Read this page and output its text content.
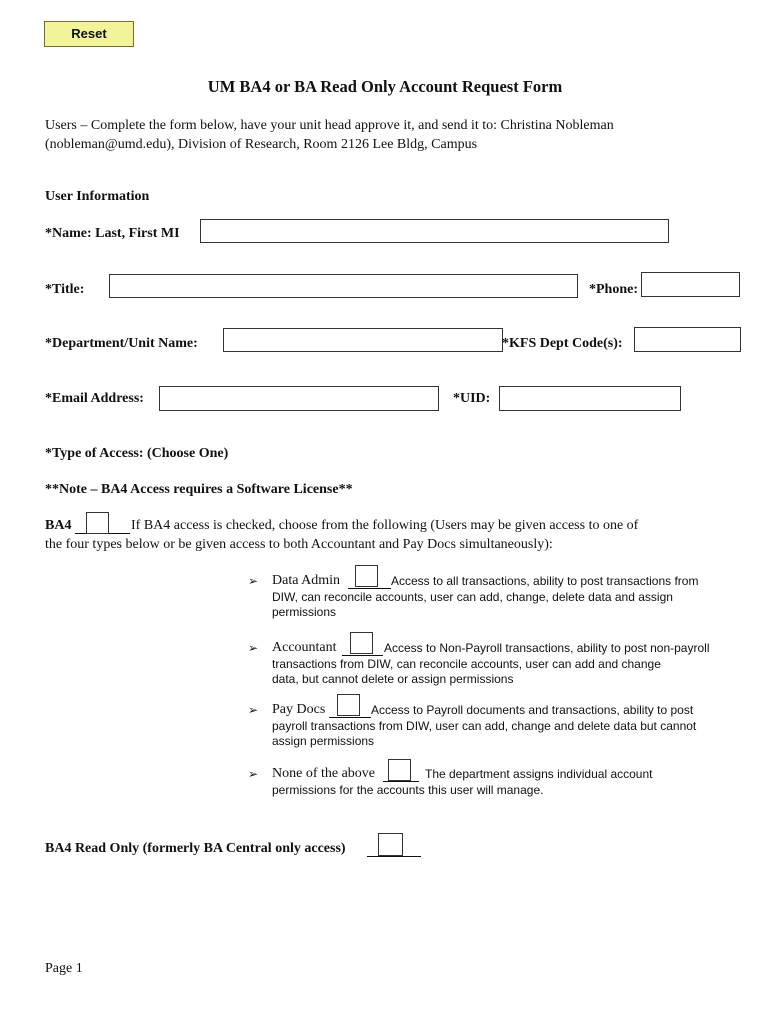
Reset
UM BA4 or BA Read Only Account Request Form
Users – Complete the form below, have your unit head approve it, and send it to: Christina Nobleman (nobleman@umd.edu), Division of Research, Room 2126 Lee Bldg, Campus
User Information
*Name: Last, First MI
*Title:	*Phone:
*Department/Unit Name:	*KFS Dept Code(s):
*Email Address:	*UID:
*Type of Access: (Choose One)
**Note – BA4 Access requires a Software License**
BA4	If BA4 access is checked, choose from the following (Users may be given access to one of
the four types below or be given access to both Accountant and Pay Docs simultaneously):
➢ Data Admin	Access to all transactions, ability to post transactions from
DIW, can reconcile accounts, user can add, change, delete data and assign
permissions
➢ Accountant	Access to Non-Payroll transactions, ability to post non-payroll
transactions from DIW, can reconcile accounts, user can add and change
data, but cannot delete or assign permissions
➢ Pay Docs	Access to Payroll documents and transactions, ability to post
payroll transactions from DIW, user can add, change and delete data but cannot
assign permissions
➢ None of the above	The department assigns individual account
permissions for the accounts this user will manage.
BA4 Read Only (formerly BA Central only access)
Page 1
